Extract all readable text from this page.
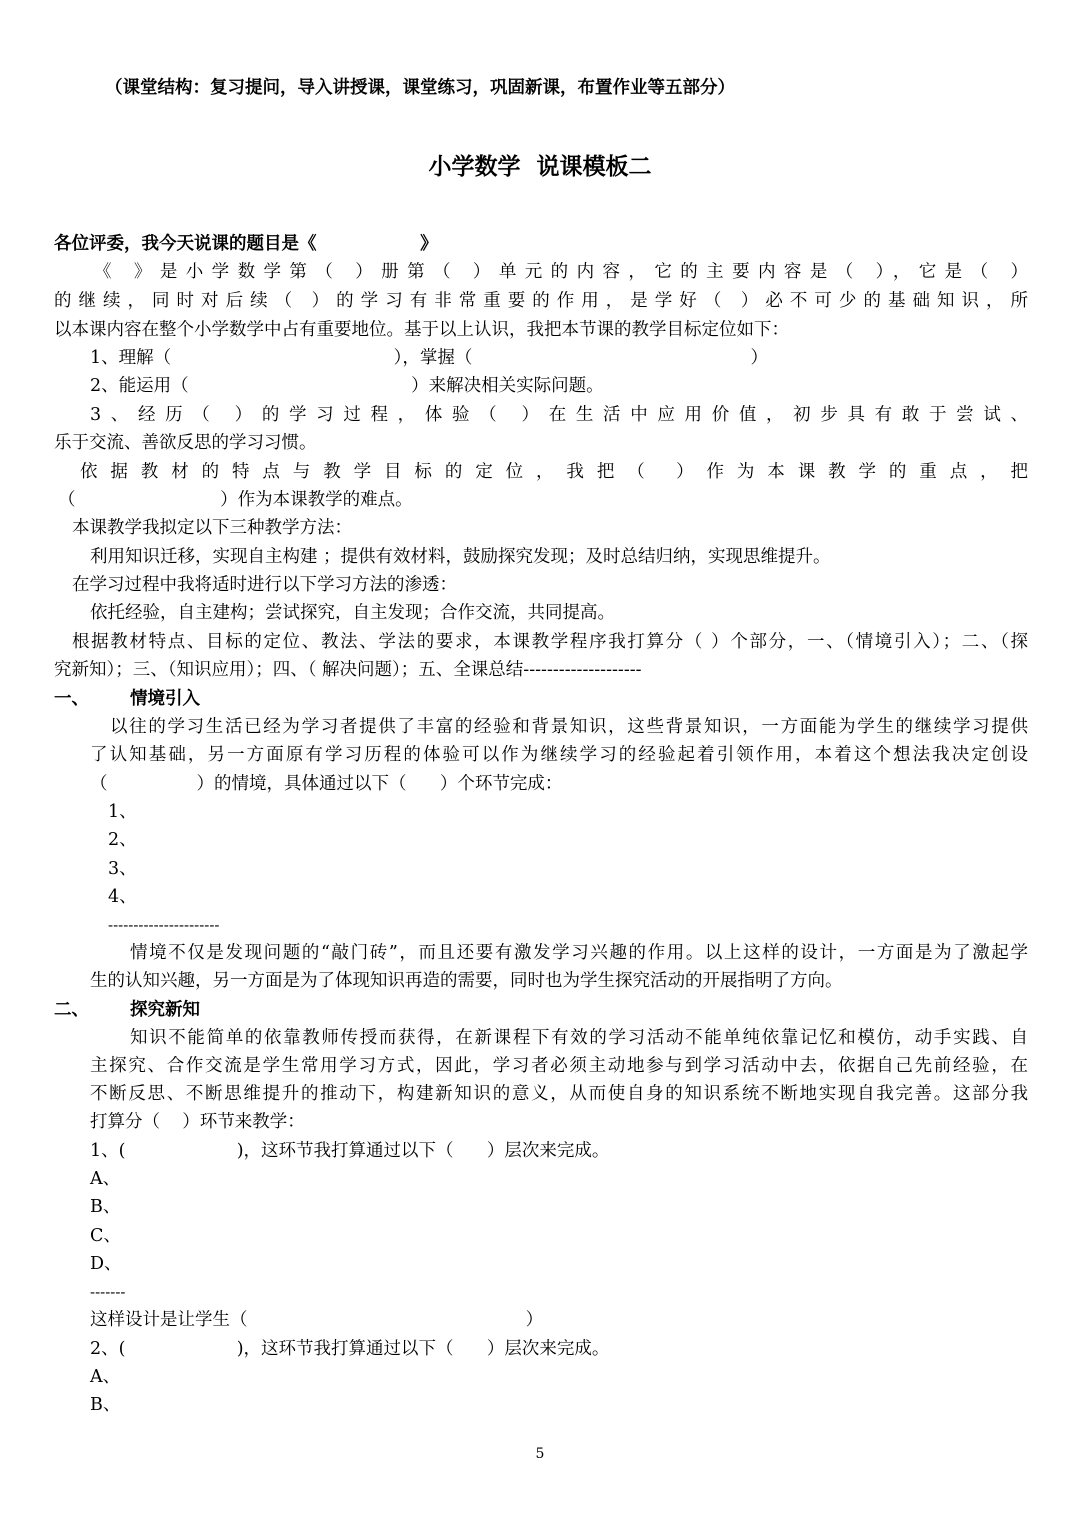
（课堂结构：复习提问，导入讲授课，课堂练习，巩固新课，布置作业等五部分）
小学数学  说课模板二
各位评委，我今天说课的题目是《                 》
《 》是小学数学第（ ）册第（ ）单元的内容，它的主要内容是（ ），它是（ ）
的继续，同时对后续（ ）的学习有非常重要的作用，是学好（ ）必不可少的基础知识，所
以本课内容在整个小学数学中占有重要地位。基于以上认识，我把本节课的教学目标定位如下：
1、理解（                                        ），掌握（                                                  ）
2、能运用（                                        ）来解决相关实际问题。
3、经历（ ）的学习过程，体验（ ）在生活中应用价值，初步具有敢于尝试、
乐于交流、善欲反思的学习习惯。
依据教材的特点与教学目标的定位，我把（ ）作为本课教学的重点，把
（                          ）作为本课教学的难点。
本课教学我拟定以下三种教学方法：
利用知识迁移，实现自主构建 ；提供有效材料，鼓励探究发现；及时总结归纳，实现思维提升。
在学习过程中我将适时进行以下学习方法的渗透：
依托经验，自主建构；尝试探究，自主发现；合作交流，共同提高。
根据教材特点、目标的定位、教法、学法的要求，本课教学程序我打算分（ ）个部分，一、（情境引入）；二、（探
究新知）；三、（知识应用）；四、（ 解决问题）；五、全课总结--------------------
一、 情境引入
以往的学习生活已经为学习者提供了丰富的经验和背景知识，这些背景知识，一方面能为学生的继续学习提供
了认知基础，另一方面原有学习历程的体验可以作为继续学习的经验起着引领作用，本着这个想法我决定创设
（                ）的情境，具体通过以下（      ）个环节完成：
1、
2、
3、
4、
----------------------
情境不仅是发现问题的“敲门砖”，而且还要有激发学习兴趣的作用。以上这样的设计，一方面是为了激起学
生的认知兴趣，另一方面是为了体现知识再造的需要，同时也为学生探究活动的开展指明了方向。
二、 探究新知
知识不能简单的依靠教师传授而获得，在新课程下有效的学习活动不能单纯依靠记忆和模仿，动手实践、自
主探究、合作交流是学生常用学习方式，因此，学习者必须主动地参与到学习活动中去，依据自己先前经验，在
不断反思、不断思维提升的推动下，构建新知识的意义，从而使自身的知识系统不断地实现自我完善。这部分我
打算分（    ）环节来教学：
1、(                    )，这环节我打算通过以下（      ）层次来完成。
A、
B、
C、
D、
-------
这样设计是让学生（                                                  ）
2、(                    )，这环节我打算通过以下（      ）层次来完成。
A、
B、
5
